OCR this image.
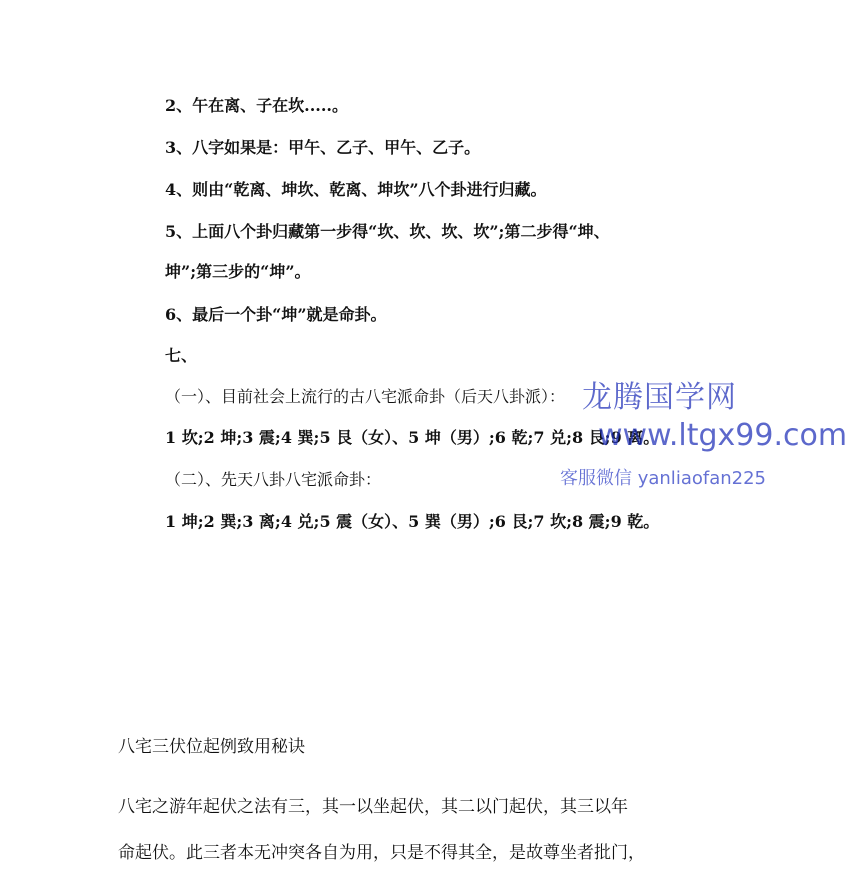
2、午在离、子在坎.....。
3、八字如果是：甲午、乙子、甲午、乙子。
4、则由“乾离、坤坎、乾离、坤坎”八个卦进行归藏。
5、上面八个卦归藏第一步得“坎、坎、坎、坎”;第二步得“坤、
坤”;第三步的“坤”。
6、最后一个卦“坤”就是命卦。
七、
（一）、目前社会上流行的古八宅派命卦（后天八卦派）：
1 坎;2 坤;3 震;4 巽;5 艮（女）、5 坤（男）;6 乾;7 兑;8 艮;9 离。
（二）、先天八卦八宅派命卦：
1 坤;2 巽;3 离;4 兑;5 震（女）、5 巽（男）;6 艮;7 坎;8 震;9 乾。
八宅三伏位起例致用秘诀
八宅之游年起伏之法有三，其一以坐起伏，其二以门起伏，其三以年
命起伏。此三者本无冲突各自为用，只是不得其全，是故尊坐者批门，
龙腾国学网
www.ltgx99.com
客服微信 yanliaofan225
